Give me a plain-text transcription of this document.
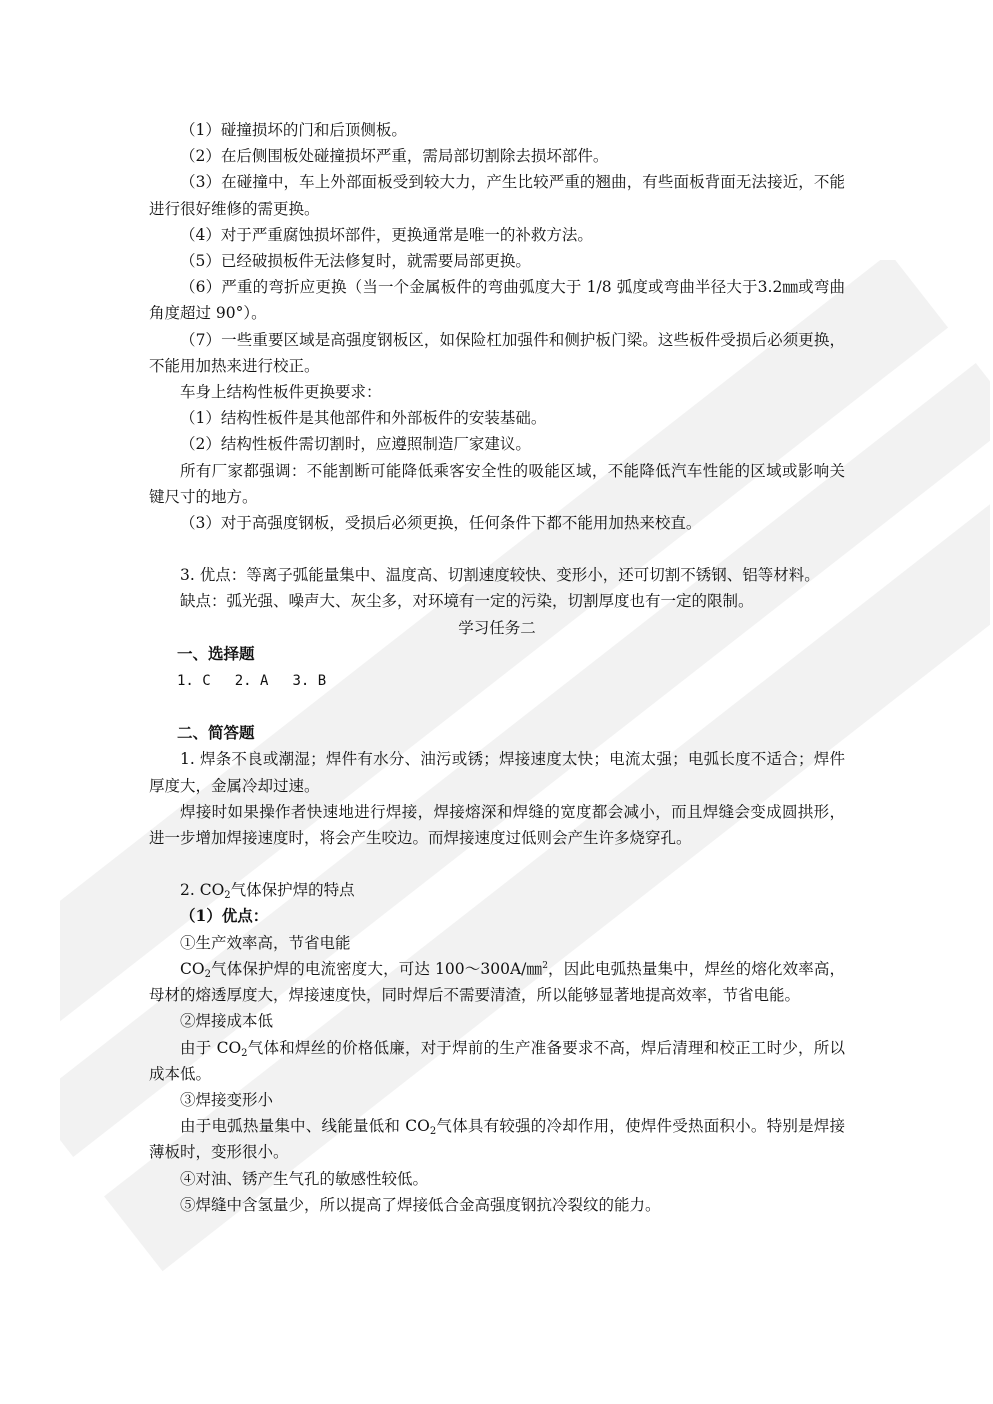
（1）碰撞损坏的门和后顶侧板。

（2）在后侧围板处碰撞损坏严重，需局部切割除去损坏部件。

（3）在碰撞中，车上外部面板受到较大力，产生比较严重的翘曲，有些面板背面无法接近，不能进行很好维修的需更换。

（4）对于严重腐蚀损坏部件，更换通常是唯一的补救方法。

（5）已经破损板件无法修复时，就需要局部更换。

（6）严重的弯折应更换（当一个金属板件的弯曲弧度大于 1/8 弧度或弯曲半径大于3.2㎜或弯曲角度超过 90°）。

（7）一些重要区域是高强度钢板区，如保险杠加强件和侧护板门梁。这些板件受损后必须更换，不能用加热来进行校正。

车身上结构性板件更换要求：

（1）结构性板件是其他部件和外部板件的安装基础。

（2）结构性板件需切割时，应遵照制造厂家建议。

所有厂家都强调：不能割断可能降低乘客安全性的吸能区域，不能降低汽车性能的区域或影响关键尺寸的地方。

（3）对于高强度钢板，受损后必须更换，任何条件下都不能用加热来校直。

3. 优点：等离子弧能量集中、温度高、切割速度较快、变形小，还可切割不锈钢、铝等材料。

缺点：弧光强、噪声大、灰尘多，对环境有一定的污染，切割厚度也有一定的限制。

学习任务二

一、选择题

1. C 2. A 3. B

二、简答题

1. 焊条不良或潮湿；焊件有水分、油污或锈；焊接速度太快；电流太强；电弧长度不适合；焊件厚度大，金属冷却过速。

焊接时如果操作者快速地进行焊接，焊接熔深和焊缝的宽度都会减小，而且焊缝会变成圆拱形，进一步增加焊接速度时，将会产生咬边。而焊接速度过低则会产生许多烧穿孔。

2. $CO_2$气体保护焊的特点

（1）优点：

①生产效率高，节省电能

$CO_2$气体保护焊的电流密度大，可达 100～300A/㎜$^2$，因此电弧热量集中，焊丝的熔化效率高，母材的熔透厚度大，焊接速度快，同时焊后不需要清渣，所以能够显著地提高效率，节省电能。

②焊接成本低

由于 $CO_2$气体和焊丝的价格低廉，对于焊前的生产准备要求不高，焊后清理和校正工时少，所以成本低。

③焊接变形小

由于电弧热量集中、线能量低和 $CO_2$气体具有较强的冷却作用，使焊件受热面积小。特别是焊接薄板时，变形很小。

④对油、锈产生气孔的敏感性较低。

⑤焊缝中含氢量少，所以提高了焊接低合金高强度钢抗冷裂纹的能力。
